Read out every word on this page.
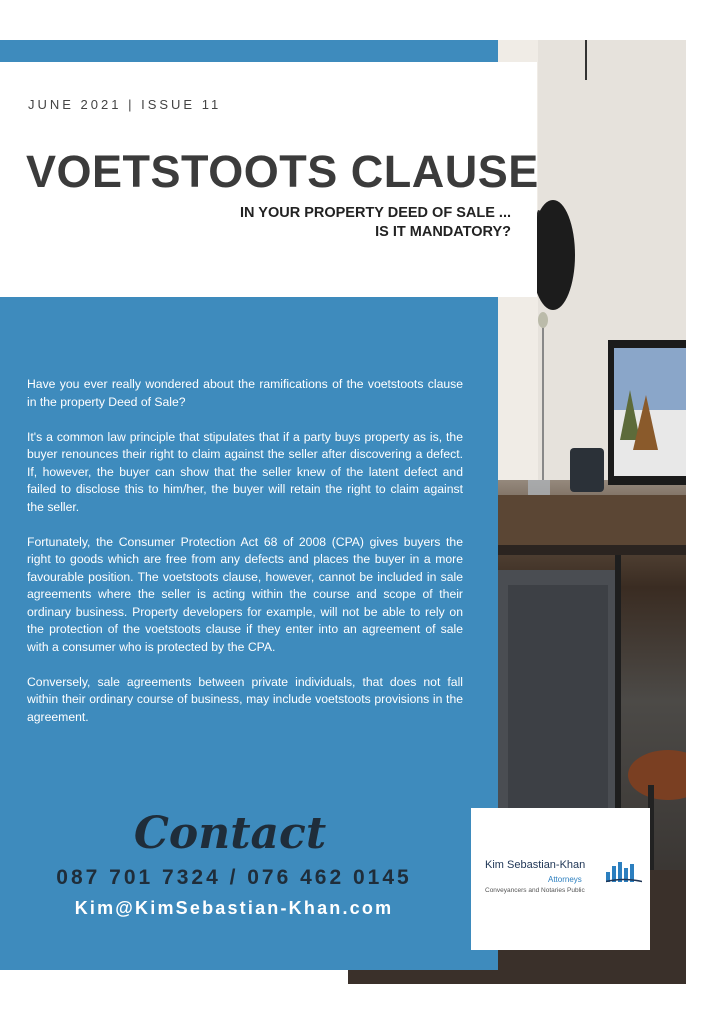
JUNE 2021 | ISSUE 11

VOETSTOOTS CLAUSE
IN YOUR PROPERTY DEED OF SALE ...
IS IT MANDATORY?

Have you ever really wondered about the ramifications of the voetstoots clause in the property Deed of Sale?

It's a common law principle that stipulates that if a party buys property as is, the buyer renounces their right to claim against the seller after discovering a defect. If, however, the buyer can show that the seller knew of the latent defect and failed to disclose this to him/her, the buyer will retain the right to claim against the seller.

Fortunately, the Consumer Protection Act 68 of 2008 (CPA) gives buyers the right to goods which are free from any defects and places the buyer in a more favourable position. The voetstoots clause, however, cannot be included in sale agreements where the seller is acting within the course and scope of their ordinary business. Property developers for example, will not be able to rely on the protection of the voetstoots clause if they enter into an agreement of sale with a consumer who is protected by the CPA.

Conversely, sale agreements between private individuals, that does not fall within their ordinary course of business, may include voetstoots provisions in the agreement.

Contact

087 701 7324 / 076 462 0145

Kim@KimSebastian-Khan.com

Kim Sebastian-Khan
Attorneys
Conveyancers and Notaries Public
